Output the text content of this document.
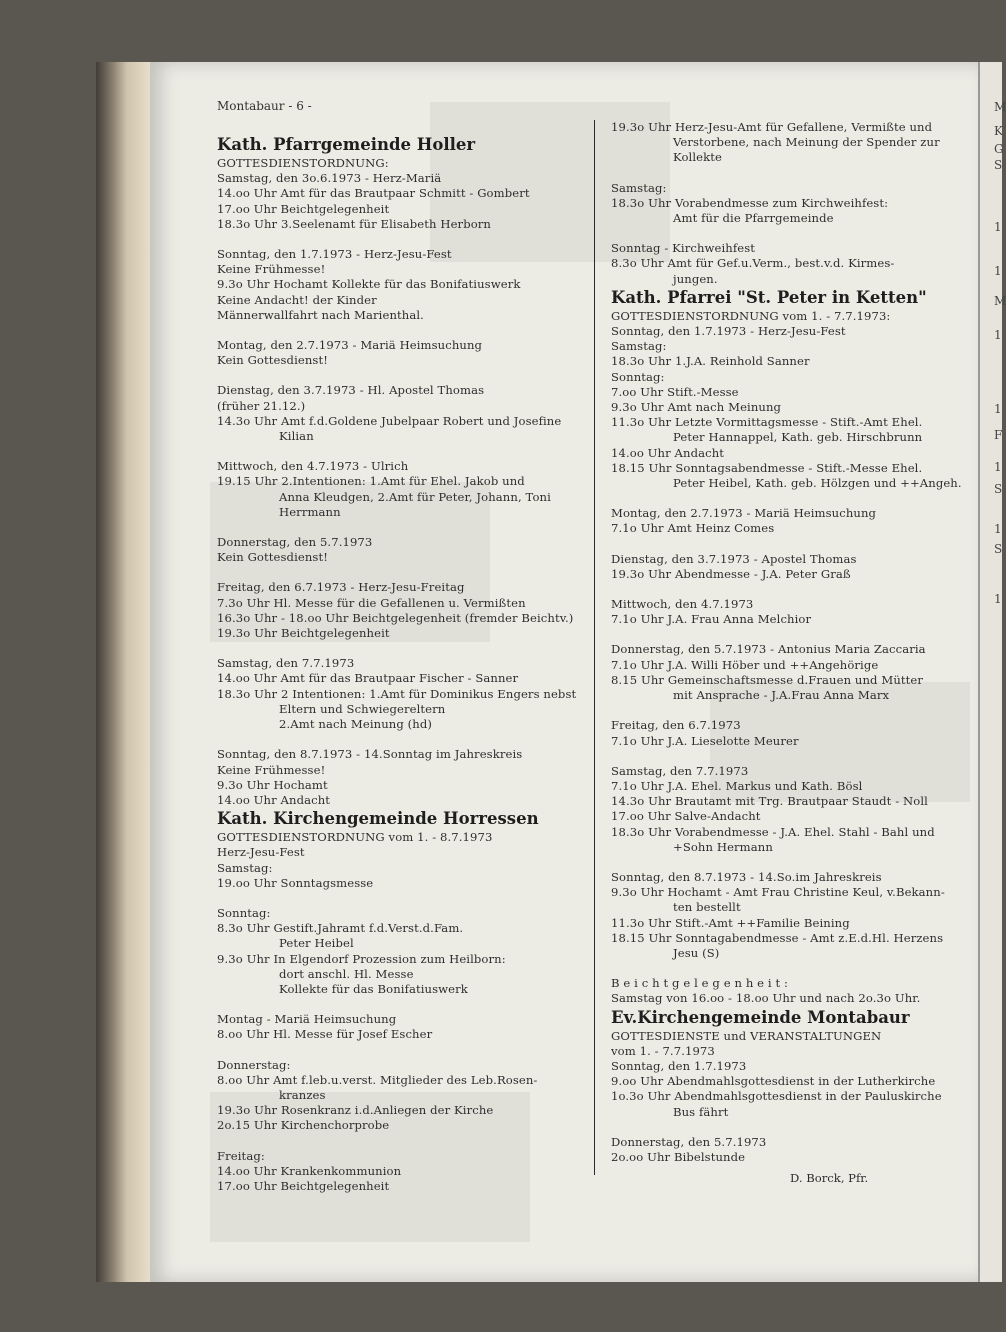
M
K
G
S
1
1
M
1
1
F
1
S
1
S
1
Montabaur - 6 -
Kath. Pfarrgemeinde Holler
GOTTESDIENSTORDNUNG:
Samstag, den 3o.6.1973 - Herz-Mariä
14.oo Uhr Amt für das Brautpaar Schmitt - Gombert
17.oo Uhr Beichtgelegenheit
18.3o Uhr 3.Seelenamt für Elisabeth Herborn
Sonntag, den 1.7.1973 - Herz-Jesu-Fest
Keine Frühmesse!
9.3o Uhr Hochamt Kollekte für das Bonifatiuswerk
Keine Andacht! der Kinder
Männerwallfahrt nach Marienthal.
Montag, den 2.7.1973 - Mariä Heimsuchung
Kein Gottesdienst!
Dienstag, den 3.7.1973 - Hl. Apostel Thomas
(früher 21.12.)
14.3o Uhr Amt f.d.Goldene Jubelpaar Robert und Josefine
Kilian
Mittwoch, den 4.7.1973 - Ulrich
19.15 Uhr 2.Intentionen: 1.Amt für Ehel. Jakob und
Anna Kleudgen, 2.Amt für Peter, Johann, Toni
Herrmann
Donnerstag, den 5.7.1973
Kein Gottesdienst!
Freitag, den 6.7.1973 - Herz-Jesu-Freitag
7.3o Uhr Hl. Messe für die Gefallenen u. Vermißten
16.3o Uhr - 18.oo Uhr Beichtgelegenheit (fremder Beichtv.)
19.3o Uhr Beichtgelegenheit
Samstag, den 7.7.1973
14.oo Uhr Amt für das Brautpaar Fischer - Sanner
18.3o Uhr 2 Intentionen: 1.Amt für Dominikus Engers nebst
Eltern und Schwiegereltern
2.Amt nach Meinung (hd)
Sonntag, den 8.7.1973 - 14.Sonntag im Jahreskreis
Keine Frühmesse!
9.3o Uhr Hochamt
14.oo Uhr Andacht
Kath. Kirchengemeinde Horressen
GOTTESDIENSTORDNUNG vom 1. - 8.7.1973
Herz-Jesu-Fest
Samstag:
19.oo Uhr Sonntagsmesse
Sonntag:
8.3o Uhr Gestift.Jahramt f.d.Verst.d.Fam.
Peter Heibel
9.3o Uhr In Elgendorf Prozession zum Heilborn:
dort anschl. Hl. Messe
Kollekte für das Bonifatiuswerk
Montag - Mariä Heimsuchung
8.oo Uhr Hl. Messe für Josef Escher
Donnerstag:
8.oo Uhr Amt f.leb.u.verst. Mitglieder des Leb.Rosen-
kranzes
19.3o Uhr Rosenkranz i.d.Anliegen der Kirche
2o.15 Uhr Kirchenchorprobe
Freitag:
14.oo Uhr Krankenkommunion
17.oo Uhr Beichtgelegenheit
19.3o Uhr Herz-Jesu-Amt für Gefallene, Vermißte und
Verstorbene, nach Meinung der Spender zur
Kollekte
Samstag:
18.3o Uhr Vorabendmesse zum Kirchweihfest:
Amt für die Pfarrgemeinde
Sonntag - Kirchweihfest
8.3o Uhr Amt für Gef.u.Verm., best.v.d. Kirmes-
jungen.
Kath. Pfarrei "St. Peter in Ketten"
GOTTESDIENSTORDNUNG vom 1. - 7.7.1973:
Sonntag, den 1.7.1973 - Herz-Jesu-Fest
Samstag:
18.3o Uhr 1.J.A. Reinhold Sanner
Sonntag:
7.oo Uhr Stift.-Messe
9.3o Uhr Amt nach Meinung
11.3o Uhr Letzte Vormittagsmesse - Stift.-Amt Ehel.
Peter Hannappel, Kath. geb. Hirschbrunn
14.oo Uhr Andacht
18.15 Uhr Sonntagsabendmesse - Stift.-Messe Ehel.
Peter Heibel, Kath. geb. Hölzgen und ++Angeh.
Montag, den 2.7.1973 - Mariä Heimsuchung
7.1o Uhr Amt Heinz Comes
Dienstag, den 3.7.1973 - Apostel Thomas
19.3o Uhr Abendmesse - J.A. Peter Graß
Mittwoch, den 4.7.1973
7.1o Uhr J.A. Frau Anna Melchior
Donnerstag, den 5.7.1973 - Antonius Maria Zaccaria
7.1o Uhr J.A. Willi Höber und ++Angehörige
8.15 Uhr Gemeinschaftsmesse d.Frauen und Mütter
mit Ansprache - J.A.Frau Anna Marx
Freitag, den 6.7.1973
7.1o Uhr J.A. Lieselotte Meurer
Samstag, den 7.7.1973
7.1o Uhr J.A. Ehel. Markus und Kath. Bösl
14.3o Uhr Brautamt mit Trg. Brautpaar Staudt - Noll
17.oo Uhr Salve-Andacht
18.3o Uhr Vorabendmesse - J.A. Ehel. Stahl - Bahl und
+Sohn Hermann
Sonntag, den 8.7.1973 - 14.So.im Jahreskreis
9.3o Uhr Hochamt - Amt Frau Christine Keul, v.Bekann-
ten bestellt
11.3o Uhr Stift.-Amt ++Familie Beining
18.15 Uhr Sonntagabendmesse - Amt z.E.d.Hl. Herzens
Jesu (S)
B e i c h t g e l e g e n h e i t :
Samstag von 16.oo - 18.oo Uhr und nach 2o.3o Uhr.
Ev.Kirchengemeinde Montabaur
GOTTESDIENSTE und VERANSTALTUNGEN
vom 1. - 7.7.1973
Sonntag, den 1.7.1973
9.oo Uhr Abendmahlsgottesdienst in der Lutherkirche
1o.3o Uhr Abendmahlsgottesdienst in der Pauluskirche
Bus fährt
Donnerstag, den 5.7.1973
2o.oo Uhr Bibelstunde
D. Borck, Pfr.
